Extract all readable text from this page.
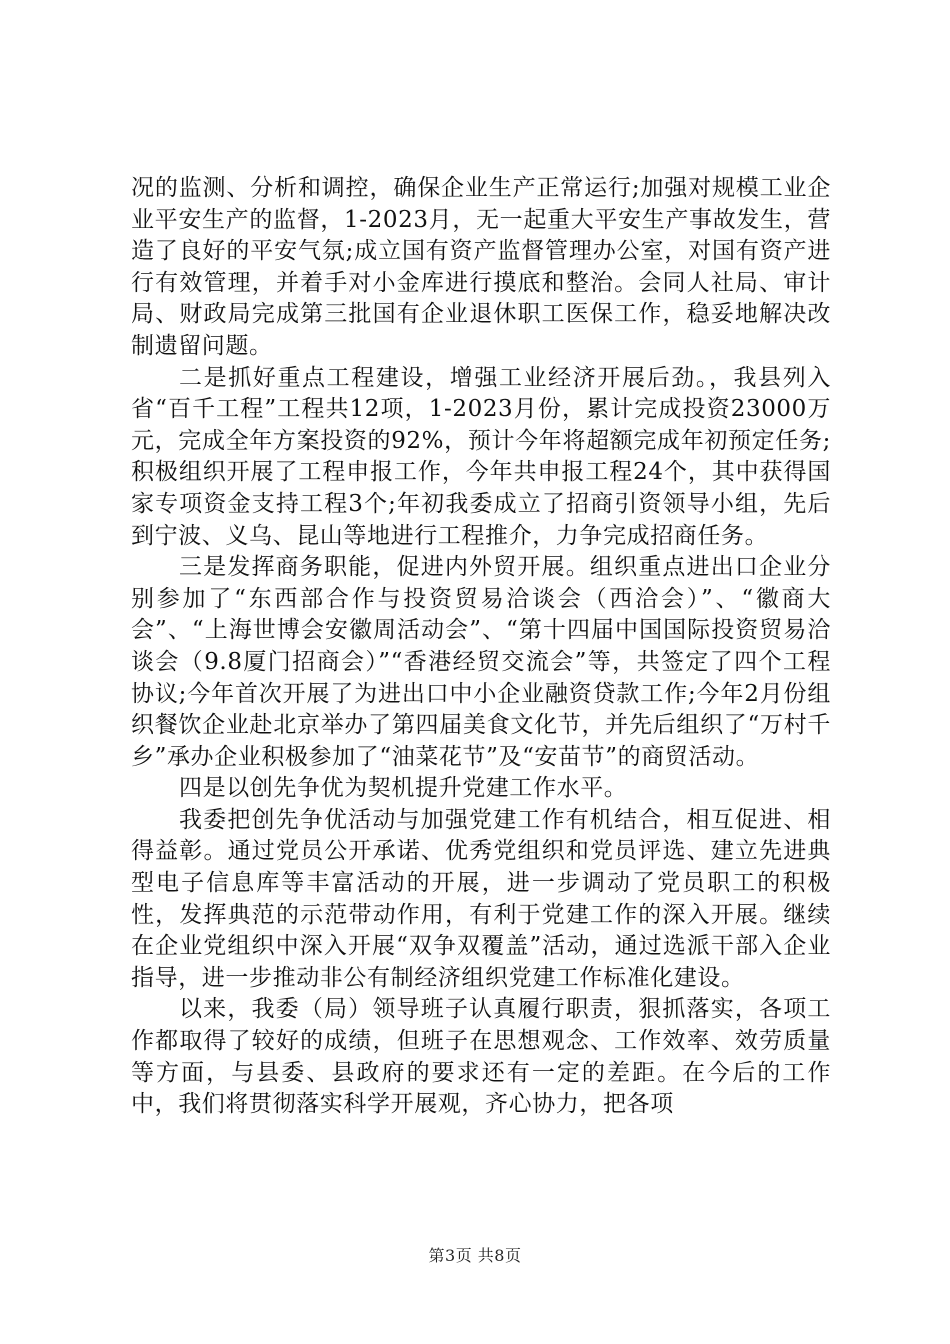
况的监测、分析和调控，确保企业生产正常运行;加强对规模工业企业平安生产的监督，1-2023月，无一起重大平安生产事故发生，营造了良好的平安气氛;成立国有资产监督管理办公室，对国有资产进行有效管理，并着手对小金库进行摸底和整治。会同人社局、审计局、财政局完成第三批国有企业退休职工医保工作，稳妥地解决改制遗留问题。

二是抓好重点工程建设，增强工业经济开展后劲。，我县列入省“百千工程”工程共12项，1-2023月份，累计完成投资23000万元，完成全年方案投资的92%，预计今年将超额完成年初预定任务;积极组织开展了工程申报工作，今年共申报工程24个，其中获得国家专项资金支持工程3个;年初我委成立了招商引资领导小组，先后到宁波、义乌、昆山等地进行工程推介，力争完成招商任务。

三是发挥商务职能，促进内外贸开展。组织重点进出口企业分别参加了“东西部合作与投资贸易洽谈会（西洽会）”、“徽商大会”、“上海世博会安徽周活动会”、“第十四届中国国际投资贸易洽谈会（9.8厦门招商会）”“香港经贸交流会”等，共签定了四个工程协议;今年首次开展了为进出口中小企业融资贷款工作;今年2月份组织餐饮企业赴北京举办了第四届美食文化节，并先后组织了“万村千乡”承办企业积极参加了“油菜花节”及“安苗节”的商贸活动。

四是以创先争优为契机提升党建工作水平。

我委把创先争优活动与加强党建工作有机结合，相互促进、相得益彰。通过党员公开承诺、优秀党组织和党员评选、建立先进典型电子信息库等丰富活动的开展，进一步调动了党员职工的积极性，发挥典范的示范带动作用，有利于党建工作的深入开展。继续在企业党组织中深入开展“双争双覆盖”活动，通过选派干部入企业指导，进一步推动非公有制经济组织党建工作标准化建设。

以来，我委（局）领导班子认真履行职责，狠抓落实，各项工作都取得了较好的成绩，但班子在思想观念、工作效率、效劳质量等方面，与县委、县政府的要求还有一定的差距。在今后的工作中，我们将贯彻落实科学开展观，齐心协力，把各项

第3页 共8页
